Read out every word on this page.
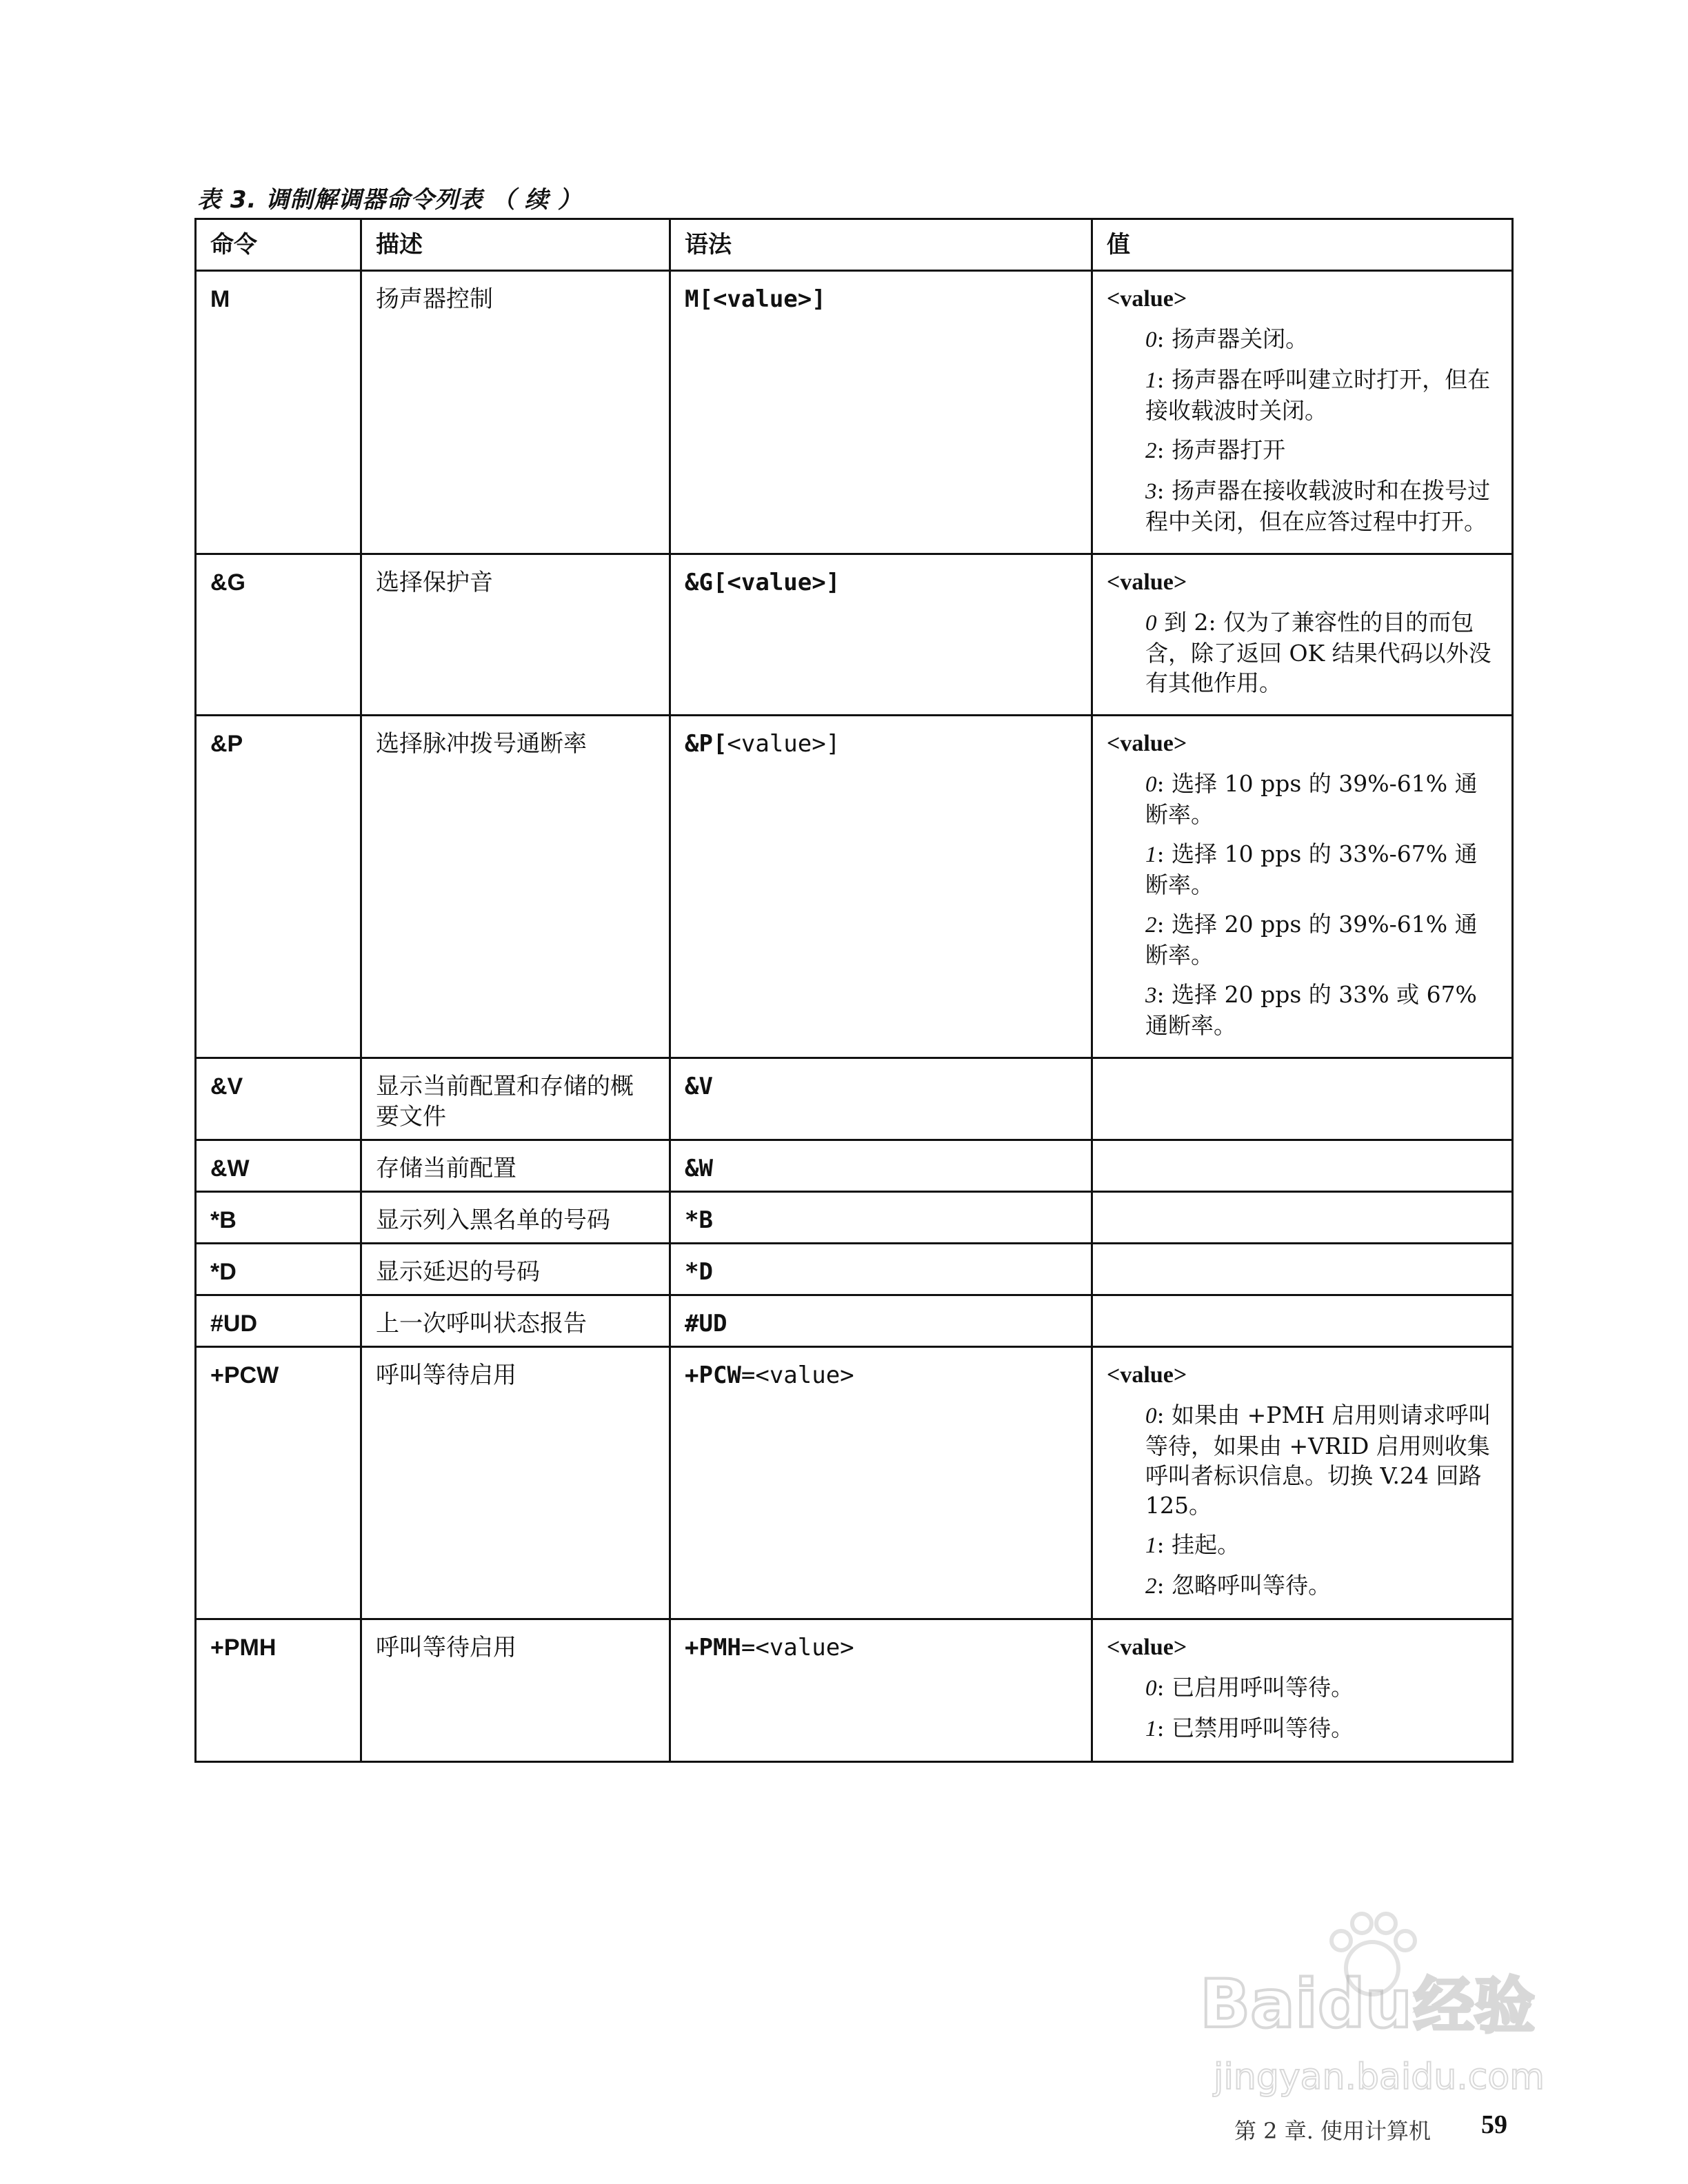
表 3. 调制解调器命令列表 （ 续 ）
命令	描述	语法	值
M	扬声器控制	M[<value>]	<value>
0: 扬声器关闭。
1: 扬声器在呼叫建立时打开，但在接收载波时关闭。
2: 扬声器打开
3: 扬声器在接收载波时和在拨号过程中关闭，但在应答过程中打开。

&G	选择保护音	&G[<value>]	<value>
0 到 2: 仅为了兼容性的目的而包含，除了返回 OK 结果代码以外没有其他作用。

&P	选择脉冲拨号通断率	&P[<value>]	<value>
0: 选择 10 pps 的 39%-61% 通断率。
1: 选择 10 pps 的 33%-67% 通断率。
2: 选择 20 pps 的 39%-61% 通断率。
3: 选择 20 pps 的 33% 或 67% 通断率。

&V	显示当前配置和存储的概要文件	&V	
&W	存储当前配置	&W	
*B	显示列入黑名单的号码	*B	
*D	显示延迟的号码	*D	
#UD	上一次呼叫状态报告	#UD	
+PCW	呼叫等待启用	+PCW=<value>	<value>
0: 如果由 +PMH 启用则请求呼叫等待，如果由 +VRID 启用则收集呼叫者标识信息。切换 V.24 回路 125。
1: 挂起。
2: 忽略呼叫等待。

+PMH	呼叫等待启用	+PMH=<value>	<value>
0: 已启用呼叫等待。
1: 已禁用呼叫等待。
第 2 章. 使用计算机 59
Baidu 经验
jingyan.baidu.com
